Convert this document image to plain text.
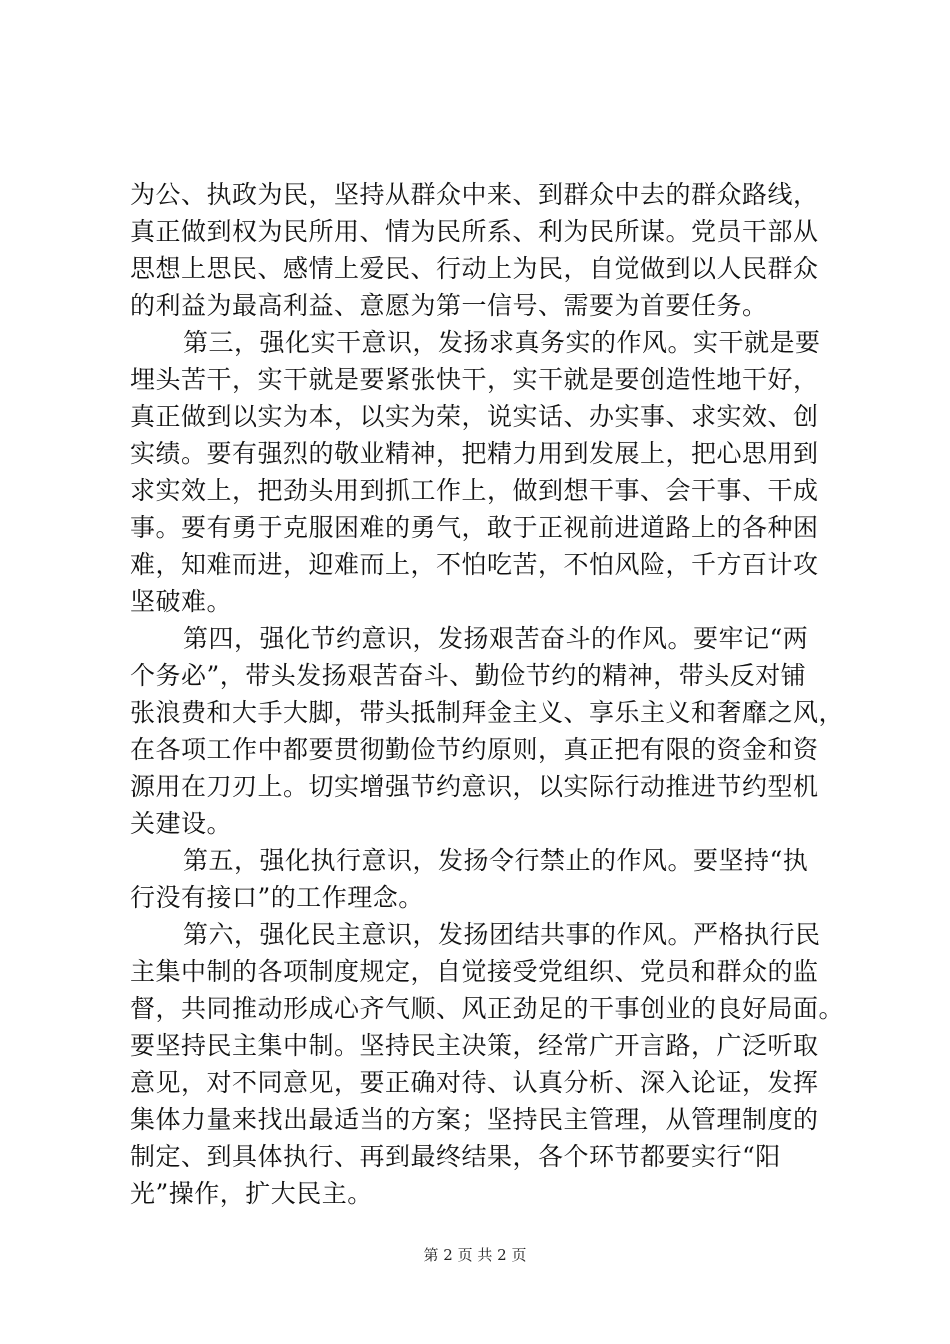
为公、执政为民，坚持从群众中来、到群众中去的群众路线，
真正做到权为民所用、情为民所系、利为民所谋。党员干部从
思想上思民、感情上爱民、行动上为民，自觉做到以人民群众
的利益为最高利益、意愿为第一信号、需要为首要任务。
第三，强化实干意识，发扬求真务实的作风。实干就是要
埋头苦干，实干就是要紧张快干，实干就是要创造性地干好，
真正做到以实为本，以实为荣，说实话、办实事、求实效、创
实绩。要有强烈的敬业精神，把精力用到发展上，把心思用到
求实效上，把劲头用到抓工作上，做到想干事、会干事、干成
事。要有勇于克服困难的勇气，敢于正视前进道路上的各种困
难，知难而进，迎难而上，不怕吃苦，不怕风险，千方百计攻
坚破难。
第四，强化节约意识，发扬艰苦奋斗的作风。要牢记“两
个务必”，带头发扬艰苦奋斗、勤俭节约的精神，带头反对铺
张浪费和大手大脚，带头抵制拜金主义、享乐主义和奢靡之风，
在各项工作中都要贯彻勤俭节约原则，真正把有限的资金和资
源用在刀刃上。切实增强节约意识，以实际行动推进节约型机
关建设。
第五，强化执行意识，发扬令行禁止的作风。要坚持“执
行没有接口”的工作理念。
第六，强化民主意识，发扬团结共事的作风。严格执行民
主集中制的各项制度规定，自觉接受党组织、党员和群众的监
督，共同推动形成心齐气顺、风正劲足的干事创业的良好局面。
要坚持民主集中制。坚持民主决策，经常广开言路，广泛听取
意见，对不同意见，要正确对待、认真分析、深入论证，发挥
集体力量来找出最适当的方案；坚持民主管理，从管理制度的
制定、到具体执行、再到最终结果，各个环节都要实行“阳
光”操作，扩大民主。
第 2 页 共 2 页
